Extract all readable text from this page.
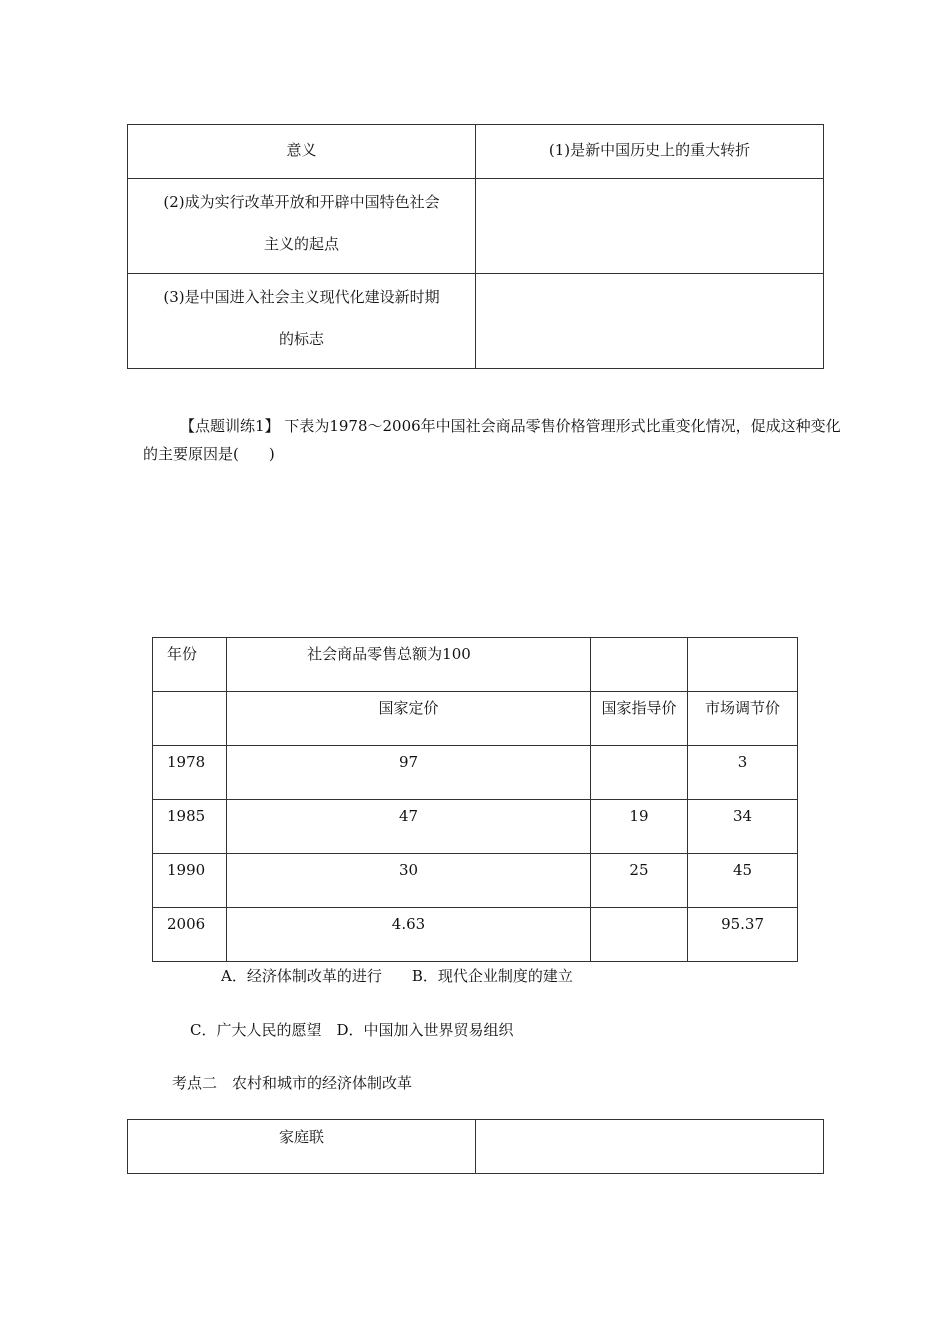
意义	(1)是新中国历史上的重大转折

(2)成为实行改革开放和开辟中国特色社会
主义的起点	

(3)是中国进入社会主义现代化建设新时期
的标志	

【点题训练1】 下表为1978～2006年中国社会商品零售价格管理形式比重变化情况，促成这种变化的主要原因是(　　)
年份	社会商品零售总额为100		

	国家定价	国家指导价	市场调节价

1978	97		3

1985	47	19	34

1990	30	25	45

2006	4.63		95.37
A．经济体制改革的进行　　 B．现代企业制度的建立
C．广大人民的愿望　 D．中国加入世界贸易组织
考点二　农村和城市的经济体制改革
家庭联
